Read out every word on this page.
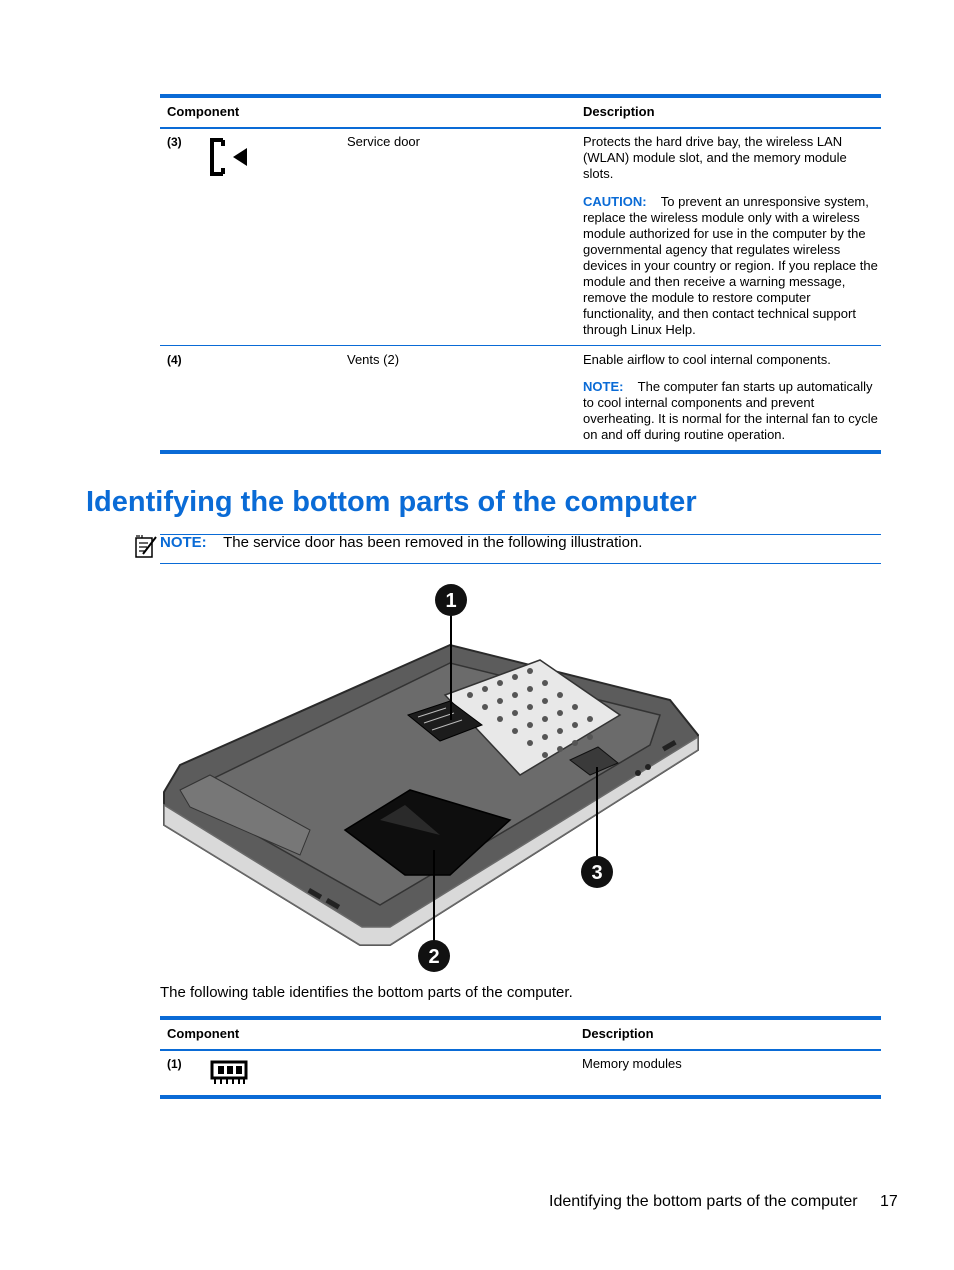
Component	Description
(3)	Service door	Protects the hard drive bay, the wireless LAN (WLAN) module slot, and the memory module slots.
CAUTION: To prevent an unresponsive system, replace the wireless module only with a wireless module authorized for use in the computer by the governmental agency that regulates wireless devices in your country or region. If you replace the module and then receive a warning message, remove the module to restore computer functionality, and then contact technical support through Linux Help.
(4)	Vents (2)	Enable airflow to cool internal components.
NOTE: The computer fan starts up automatically to cool internal components and prevent overheating. It is normal for the internal fan to cycle on and off during routine operation.
Identifying the bottom parts of the computer
NOTE: The service door has been removed in the following illustration.
1
2
3
The following table identifies the bottom parts of the computer.
Component	Description
(1)	Memory modules
Identifying the bottom parts of the computer 17
